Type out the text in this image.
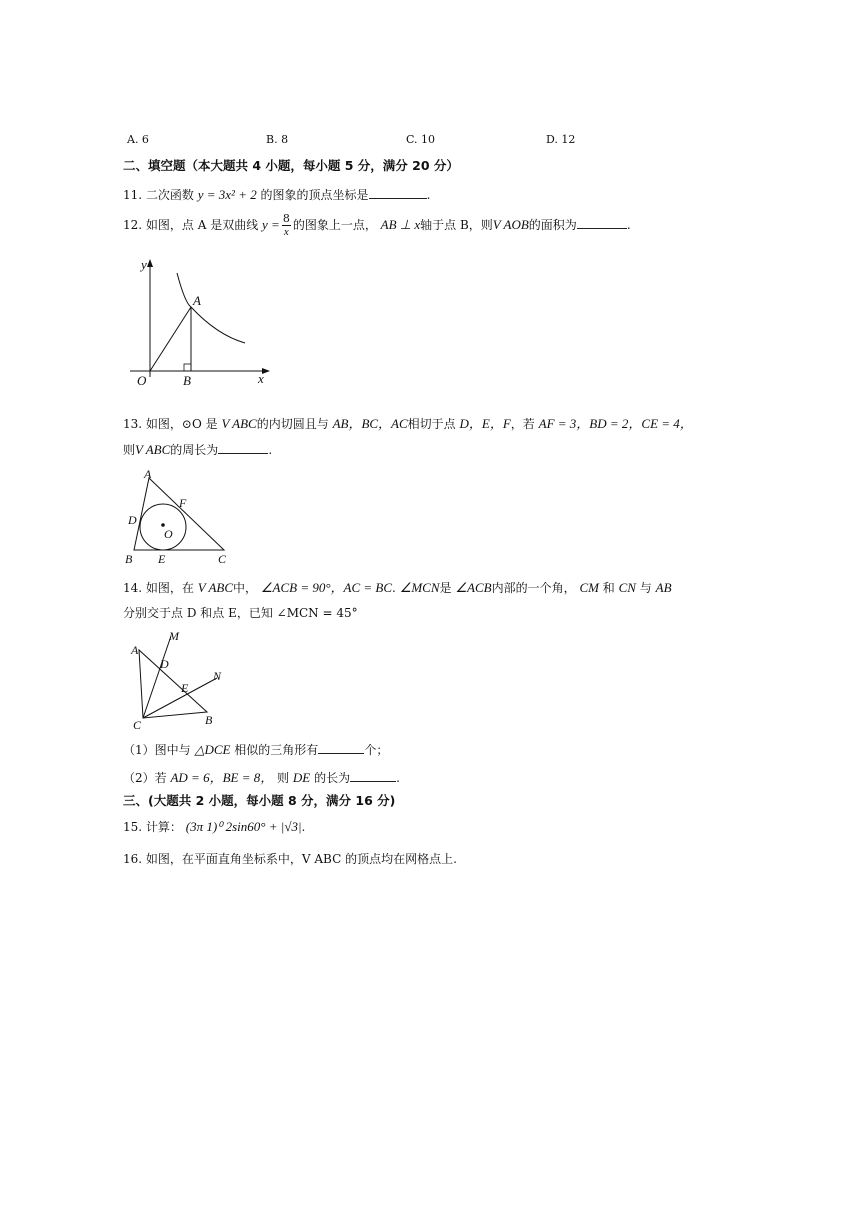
A. 6	B. 8	C. 10	D. 12
二、填空题（本大题共 4 小题，每小题 5 分，满分 20 分）
11. 二次函数 y = 3x² + 2 的图象的顶点坐标是	.
12. 如图，点 A 是双曲线 $y = \frac{8}{x}$ 的图象上一点， AB ⊥ x轴于点 B，则V AOB的面积为	.
y
x
O
A
B
13. 如图，⊙O 是 V ABC的内切圆且与 AB，BC，AC相切于点 D，E，F，若 AF = 3，BD = 2，CE = 4，
则V ABC的周长为	.
A
B	C
D
E
F
O
14. 如图，在 V ABC中， ∠ACB = 90°，AC = BC. ∠MCN是 ∠ACB内部的一个角， CM 和 CN 与 AB
分别交于点 D 和点 E，已知 ∠MCN = 45°
A
B
C
D
E
M
N
（1）图中与 △DCE 相似的三角形有	个；
（2）若 AD = 6，BE = 8， 则 DE 的长为	.
三、(大题共 2 小题，每小题 8 分，满分 16 分)
15. 计算： (3π 1)⁰ 2sin60° + |√3|.
16. 如图，在平面直角坐标系中，V ABC 的顶点均在网格点上.
